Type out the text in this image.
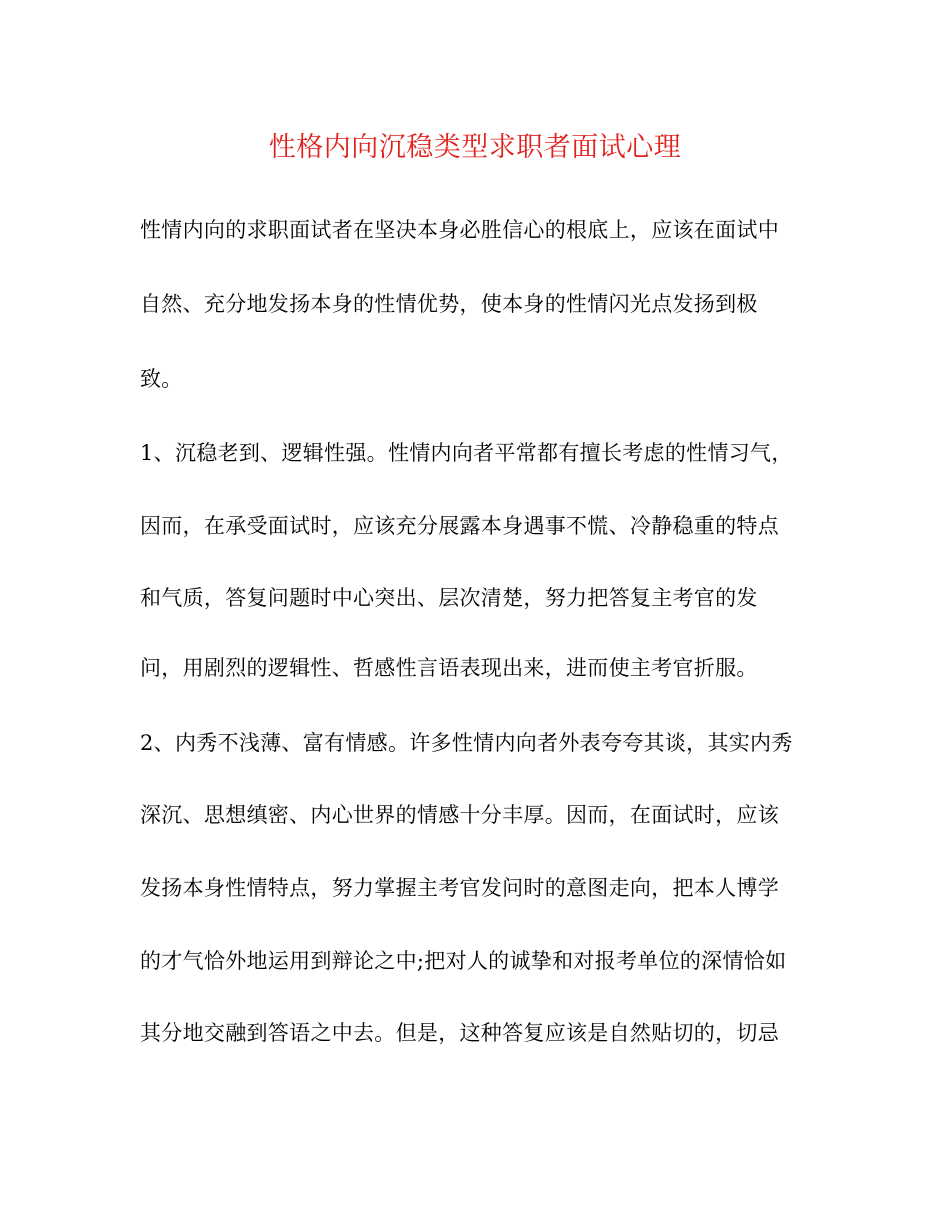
性格内向沉稳类型求职者面试心理
性情内向的求职面试者在坚决本身必胜信心的根底上，应该在面试中
自然、充分地发扬本身的性情优势，使本身的性情闪光点发扬到极
致。
1、沉稳老到、逻辑性强。性情内向者平常都有擅长考虑的性情习气，
因而，在承受面试时，应该充分展露本身遇事不慌、冷静稳重的特点
和气质，答复问题时中心突出、层次清楚，努力把答复主考官的发
问，用剧烈的逻辑性、哲感性言语表现出来，进而使主考官折服。
2、内秀不浅薄、富有情感。许多性情内向者外表夸夸其谈，其实内秀
深沉、思想缜密、内心世界的情感十分丰厚。因而，在面试时，应该
发扬本身性情特点，努力掌握主考官发问时的意图走向，把本人博学
的才气恰外地运用到辩论之中;把对人的诚挚和对报考单位的深情恰如
其分地交融到答语之中去。但是，这种答复应该是自然贴切的，切忌
